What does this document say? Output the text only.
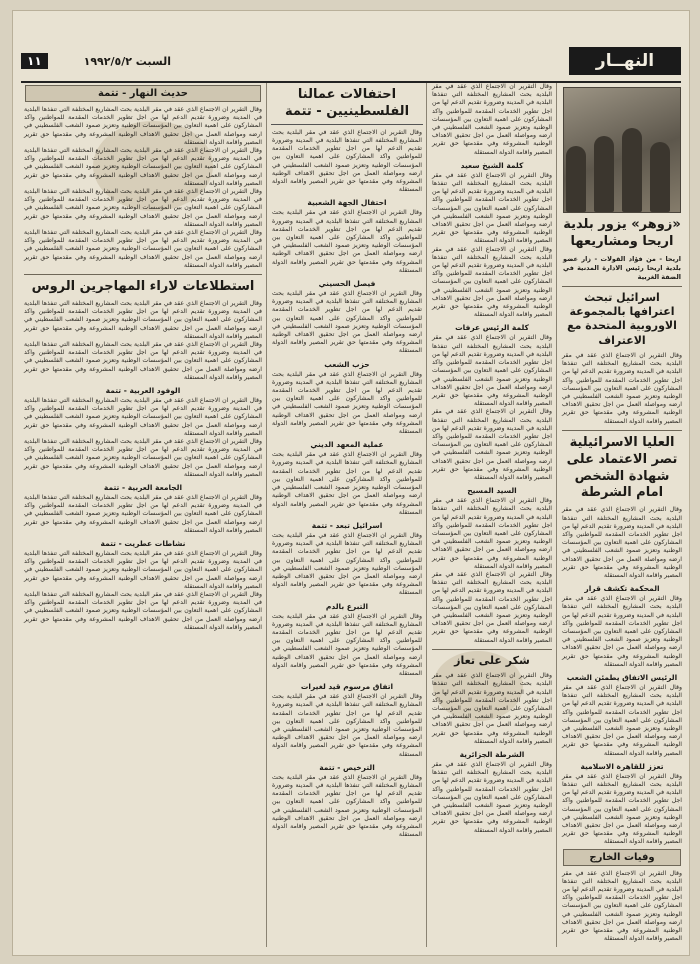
النهــار
السبت ١٩٩٢/٥/٢
١١
«زوهر» يزور بلدية اريحا ومشاريعها
اريحا - من فؤاد القولات - زار عضو بلدية اريحا رئيس الادارة المدنية في الضفة الغربية
اسرائيل تبحث اعترافها بالمجموعة الاوروبية المتحدة مع الاعتراف
وقال التقرير ان الاجتماع الذي عقد في مقر البلدية بحث المشاريع المختلفة التي تنفذها البلدية في المدينة وضرورة تقديم الدعم لها من اجل تطوير الخدمات المقدمة للمواطنين واكد المشاركون على اهمية التعاون بين المؤسسات الوطنية وتعزيز صمود الشعب الفلسطيني في ارضه ومواصلة العمل من اجل تحقيق الاهداف الوطنية المشروعة وفي مقدمتها حق تقرير المصير واقامة الدولة المستقلة
العليا الاسرائيلية تصر الاعتماد على شهادة الشخص امام الشرطة
وقال التقرير ان الاجتماع الذي عقد في مقر البلدية بحث المشاريع المختلفة التي تنفذها البلدية في المدينة وضرورة تقديم الدعم لها من اجل تطوير الخدمات المقدمة للمواطنين واكد المشاركون على اهمية التعاون بين المؤسسات الوطنية وتعزيز صمود الشعب الفلسطيني في ارضه ومواصلة العمل من اجل تحقيق الاهداف الوطنية المشروعة وفي مقدمتها حق تقرير المصير واقامة الدولة المستقلة
المحكمة تكشف قرار
وقال التقرير ان الاجتماع الذي عقد في مقر البلدية بحث المشاريع المختلفة التي تنفذها البلدية في المدينة وضرورة تقديم الدعم لها من اجل تطوير الخدمات المقدمة للمواطنين واكد المشاركون على اهمية التعاون بين المؤسسات الوطنية وتعزيز صمود الشعب الفلسطيني في ارضه ومواصلة العمل من اجل تحقيق الاهداف الوطنية المشروعة وفي مقدمتها حق تقرير المصير واقامة الدولة المستقلة
الرئيس الاتفاق يطمئن الشعب
وقال التقرير ان الاجتماع الذي عقد في مقر البلدية بحث المشاريع المختلفة التي تنفذها البلدية في المدينة وضرورة تقديم الدعم لها من اجل تطوير الخدمات المقدمة للمواطنين واكد المشاركون على اهمية التعاون بين المؤسسات الوطنية وتعزيز صمود الشعب الفلسطيني في ارضه ومواصلة العمل من اجل تحقيق الاهداف الوطنية المشروعة وفي مقدمتها حق تقرير المصير واقامة الدولة المستقلة
تعزز للقاهرة الاسلامية
وقال التقرير ان الاجتماع الذي عقد في مقر البلدية بحث المشاريع المختلفة التي تنفذها البلدية في المدينة وضرورة تقديم الدعم لها من اجل تطوير الخدمات المقدمة للمواطنين واكد المشاركون على اهمية التعاون بين المؤسسات الوطنية وتعزيز صمود الشعب الفلسطيني في ارضه ومواصلة العمل من اجل تحقيق الاهداف الوطنية المشروعة وفي مقدمتها حق تقرير المصير واقامة الدولة المستقلة
وفيات الخارج
وقال التقرير ان الاجتماع الذي عقد في مقر البلدية بحث المشاريع المختلفة التي تنفذها البلدية في المدينة وضرورة تقديم الدعم لها من اجل تطوير الخدمات المقدمة للمواطنين واكد المشاركون على اهمية التعاون بين المؤسسات الوطنية وتعزيز صمود الشعب الفلسطيني في ارضه ومواصلة العمل من اجل تحقيق الاهداف الوطنية المشروعة وفي مقدمتها حق تقرير المصير واقامة الدولة المستقلة
وقال التقرير ان الاجتماع الذي عقد في مقر البلدية بحث المشاريع المختلفة التي تنفذها البلدية في المدينة وضرورة تقديم الدعم لها من اجل تطوير الخدمات المقدمة للمواطنين واكد المشاركون على اهمية التعاون بين المؤسسات الوطنية وتعزيز صمود الشعب الفلسطيني في ارضه ومواصلة العمل من اجل تحقيق الاهداف الوطنية المشروعة وفي مقدمتها حق تقرير المصير واقامة الدولة المستقلة
كلمة الشيخ سعيد
وقال التقرير ان الاجتماع الذي عقد في مقر البلدية بحث المشاريع المختلفة التي تنفذها البلدية في المدينة وضرورة تقديم الدعم لها من اجل تطوير الخدمات المقدمة للمواطنين واكد المشاركون على اهمية التعاون بين المؤسسات الوطنية وتعزيز صمود الشعب الفلسطيني في ارضه ومواصلة العمل من اجل تحقيق الاهداف الوطنية المشروعة وفي مقدمتها حق تقرير المصير واقامة الدولة المستقلة
وقال التقرير ان الاجتماع الذي عقد في مقر البلدية بحث المشاريع المختلفة التي تنفذها البلدية في المدينة وضرورة تقديم الدعم لها من اجل تطوير الخدمات المقدمة للمواطنين واكد المشاركون على اهمية التعاون بين المؤسسات الوطنية وتعزيز صمود الشعب الفلسطيني في ارضه ومواصلة العمل من اجل تحقيق الاهداف الوطنية المشروعة وفي مقدمتها حق تقرير المصير واقامة الدولة المستقلة
كلمة الرئيس عرفات
وقال التقرير ان الاجتماع الذي عقد في مقر البلدية بحث المشاريع المختلفة التي تنفذها البلدية في المدينة وضرورة تقديم الدعم لها من اجل تطوير الخدمات المقدمة للمواطنين واكد المشاركون على اهمية التعاون بين المؤسسات الوطنية وتعزيز صمود الشعب الفلسطيني في ارضه ومواصلة العمل من اجل تحقيق الاهداف الوطنية المشروعة وفي مقدمتها حق تقرير المصير واقامة الدولة المستقلة
وقال التقرير ان الاجتماع الذي عقد في مقر البلدية بحث المشاريع المختلفة التي تنفذها البلدية في المدينة وضرورة تقديم الدعم لها من اجل تطوير الخدمات المقدمة للمواطنين واكد المشاركون على اهمية التعاون بين المؤسسات الوطنية وتعزيز صمود الشعب الفلسطيني في ارضه ومواصلة العمل من اجل تحقيق الاهداف الوطنية المشروعة وفي مقدمتها حق تقرير المصير واقامة الدولة المستقلة
السيد المسيح
وقال التقرير ان الاجتماع الذي عقد في مقر البلدية بحث المشاريع المختلفة التي تنفذها البلدية في المدينة وضرورة تقديم الدعم لها من اجل تطوير الخدمات المقدمة للمواطنين واكد المشاركون على اهمية التعاون بين المؤسسات الوطنية وتعزيز صمود الشعب الفلسطيني في ارضه ومواصلة العمل من اجل تحقيق الاهداف الوطنية المشروعة وفي مقدمتها حق تقرير المصير واقامة الدولة المستقلة
وقال التقرير ان الاجتماع الذي عقد في مقر البلدية بحث المشاريع المختلفة التي تنفذها البلدية في المدينة وضرورة تقديم الدعم لها من اجل تطوير الخدمات المقدمة للمواطنين واكد المشاركون على اهمية التعاون بين المؤسسات الوطنية وتعزيز صمود الشعب الفلسطيني في ارضه ومواصلة العمل من اجل تحقيق الاهداف الوطنية المشروعة وفي مقدمتها حق تقرير المصير واقامة الدولة المستقلة
شكر على تعاز
وقال التقرير ان الاجتماع الذي عقد في مقر البلدية بحث المشاريع المختلفة التي تنفذها البلدية في المدينة وضرورة تقديم الدعم لها من اجل تطوير الخدمات المقدمة للمواطنين واكد المشاركون على اهمية التعاون بين المؤسسات الوطنية وتعزيز صمود الشعب الفلسطيني في ارضه ومواصلة العمل من اجل تحقيق الاهداف الوطنية المشروعة وفي مقدمتها حق تقرير المصير واقامة الدولة المستقلة
الشرطة الجزائرية
وقال التقرير ان الاجتماع الذي عقد في مقر البلدية بحث المشاريع المختلفة التي تنفذها البلدية في المدينة وضرورة تقديم الدعم لها من اجل تطوير الخدمات المقدمة للمواطنين واكد المشاركون على اهمية التعاون بين المؤسسات الوطنية وتعزيز صمود الشعب الفلسطيني في ارضه ومواصلة العمل من اجل تحقيق الاهداف الوطنية المشروعة وفي مقدمتها حق تقرير المصير واقامة الدولة المستقلة
احتفالات عمالنا الفلسطينيين - تتمة
وقال التقرير ان الاجتماع الذي عقد في مقر البلدية بحث المشاريع المختلفة التي تنفذها البلدية في المدينة وضرورة تقديم الدعم لها من اجل تطوير الخدمات المقدمة للمواطنين واكد المشاركون على اهمية التعاون بين المؤسسات الوطنية وتعزيز صمود الشعب الفلسطيني في ارضه ومواصلة العمل من اجل تحقيق الاهداف الوطنية المشروعة وفي مقدمتها حق تقرير المصير واقامة الدولة المستقلة
احتفال الجهة الشعبية
وقال التقرير ان الاجتماع الذي عقد في مقر البلدية بحث المشاريع المختلفة التي تنفذها البلدية في المدينة وضرورة تقديم الدعم لها من اجل تطوير الخدمات المقدمة للمواطنين واكد المشاركون على اهمية التعاون بين المؤسسات الوطنية وتعزيز صمود الشعب الفلسطيني في ارضه ومواصلة العمل من اجل تحقيق الاهداف الوطنية المشروعة وفي مقدمتها حق تقرير المصير واقامة الدولة المستقلة
فيصل الحسيني
وقال التقرير ان الاجتماع الذي عقد في مقر البلدية بحث المشاريع المختلفة التي تنفذها البلدية في المدينة وضرورة تقديم الدعم لها من اجل تطوير الخدمات المقدمة للمواطنين واكد المشاركون على اهمية التعاون بين المؤسسات الوطنية وتعزيز صمود الشعب الفلسطيني في ارضه ومواصلة العمل من اجل تحقيق الاهداف الوطنية المشروعة وفي مقدمتها حق تقرير المصير واقامة الدولة المستقلة
حزب الشعب
وقال التقرير ان الاجتماع الذي عقد في مقر البلدية بحث المشاريع المختلفة التي تنفذها البلدية في المدينة وضرورة تقديم الدعم لها من اجل تطوير الخدمات المقدمة للمواطنين واكد المشاركون على اهمية التعاون بين المؤسسات الوطنية وتعزيز صمود الشعب الفلسطيني في ارضه ومواصلة العمل من اجل تحقيق الاهداف الوطنية المشروعة وفي مقدمتها حق تقرير المصير واقامة الدولة المستقلة
عملية المعهد الديني
وقال التقرير ان الاجتماع الذي عقد في مقر البلدية بحث المشاريع المختلفة التي تنفذها البلدية في المدينة وضرورة تقديم الدعم لها من اجل تطوير الخدمات المقدمة للمواطنين واكد المشاركون على اهمية التعاون بين المؤسسات الوطنية وتعزيز صمود الشعب الفلسطيني في ارضه ومواصلة العمل من اجل تحقيق الاهداف الوطنية المشروعة وفي مقدمتها حق تقرير المصير واقامة الدولة المستقلة
اسرائيل تبعد - تتمة
وقال التقرير ان الاجتماع الذي عقد في مقر البلدية بحث المشاريع المختلفة التي تنفذها البلدية في المدينة وضرورة تقديم الدعم لها من اجل تطوير الخدمات المقدمة للمواطنين واكد المشاركون على اهمية التعاون بين المؤسسات الوطنية وتعزيز صمود الشعب الفلسطيني في ارضه ومواصلة العمل من اجل تحقيق الاهداف الوطنية المشروعة وفي مقدمتها حق تقرير المصير واقامة الدولة المستقلة
التبرع بالدم
وقال التقرير ان الاجتماع الذي عقد في مقر البلدية بحث المشاريع المختلفة التي تنفذها البلدية في المدينة وضرورة تقديم الدعم لها من اجل تطوير الخدمات المقدمة للمواطنين واكد المشاركون على اهمية التعاون بين المؤسسات الوطنية وتعزيز صمود الشعب الفلسطيني في ارضه ومواصلة العمل من اجل تحقيق الاهداف الوطنية المشروعة وفي مقدمتها حق تقرير المصير واقامة الدولة المستقلة
اتفاق مرسوم قيد لغيرات
وقال التقرير ان الاجتماع الذي عقد في مقر البلدية بحث المشاريع المختلفة التي تنفذها البلدية في المدينة وضرورة تقديم الدعم لها من اجل تطوير الخدمات المقدمة للمواطنين واكد المشاركون على اهمية التعاون بين المؤسسات الوطنية وتعزيز صمود الشعب الفلسطيني في ارضه ومواصلة العمل من اجل تحقيق الاهداف الوطنية المشروعة وفي مقدمتها حق تقرير المصير واقامة الدولة المستقلة
الترخيص - تتمة
وقال التقرير ان الاجتماع الذي عقد في مقر البلدية بحث المشاريع المختلفة التي تنفذها البلدية في المدينة وضرورة تقديم الدعم لها من اجل تطوير الخدمات المقدمة للمواطنين واكد المشاركون على اهمية التعاون بين المؤسسات الوطنية وتعزيز صمود الشعب الفلسطيني في ارضه ومواصلة العمل من اجل تحقيق الاهداف الوطنية المشروعة وفي مقدمتها حق تقرير المصير واقامة الدولة المستقلة
حديث النهار - تتمة
وقال التقرير ان الاجتماع الذي عقد في مقر البلدية بحث المشاريع المختلفة التي تنفذها البلدية في المدينة وضرورة تقديم الدعم لها من اجل تطوير الخدمات المقدمة للمواطنين واكد المشاركون على اهمية التعاون بين المؤسسات الوطنية وتعزيز صمود الشعب الفلسطيني في ارضه ومواصلة العمل من اجل تحقيق الاهداف الوطنية المشروعة وفي مقدمتها حق تقرير المصير واقامة الدولة المستقلة
وقال التقرير ان الاجتماع الذي عقد في مقر البلدية بحث المشاريع المختلفة التي تنفذها البلدية في المدينة وضرورة تقديم الدعم لها من اجل تطوير الخدمات المقدمة للمواطنين واكد المشاركون على اهمية التعاون بين المؤسسات الوطنية وتعزيز صمود الشعب الفلسطيني في ارضه ومواصلة العمل من اجل تحقيق الاهداف الوطنية المشروعة وفي مقدمتها حق تقرير المصير واقامة الدولة المستقلة
وقال التقرير ان الاجتماع الذي عقد في مقر البلدية بحث المشاريع المختلفة التي تنفذها البلدية في المدينة وضرورة تقديم الدعم لها من اجل تطوير الخدمات المقدمة للمواطنين واكد المشاركون على اهمية التعاون بين المؤسسات الوطنية وتعزيز صمود الشعب الفلسطيني في ارضه ومواصلة العمل من اجل تحقيق الاهداف الوطنية المشروعة وفي مقدمتها حق تقرير المصير واقامة الدولة المستقلة
وقال التقرير ان الاجتماع الذي عقد في مقر البلدية بحث المشاريع المختلفة التي تنفذها البلدية في المدينة وضرورة تقديم الدعم لها من اجل تطوير الخدمات المقدمة للمواطنين واكد المشاركون على اهمية التعاون بين المؤسسات الوطنية وتعزيز صمود الشعب الفلسطيني في ارضه ومواصلة العمل من اجل تحقيق الاهداف الوطنية المشروعة وفي مقدمتها حق تقرير المصير واقامة الدولة المستقلة
استطلاعات لاراء المهاجرين الروس
وقال التقرير ان الاجتماع الذي عقد في مقر البلدية بحث المشاريع المختلفة التي تنفذها البلدية في المدينة وضرورة تقديم الدعم لها من اجل تطوير الخدمات المقدمة للمواطنين واكد المشاركون على اهمية التعاون بين المؤسسات الوطنية وتعزيز صمود الشعب الفلسطيني في ارضه ومواصلة العمل من اجل تحقيق الاهداف الوطنية المشروعة وفي مقدمتها حق تقرير المصير واقامة الدولة المستقلة
وقال التقرير ان الاجتماع الذي عقد في مقر البلدية بحث المشاريع المختلفة التي تنفذها البلدية في المدينة وضرورة تقديم الدعم لها من اجل تطوير الخدمات المقدمة للمواطنين واكد المشاركون على اهمية التعاون بين المؤسسات الوطنية وتعزيز صمود الشعب الفلسطيني في ارضه ومواصلة العمل من اجل تحقيق الاهداف الوطنية المشروعة وفي مقدمتها حق تقرير المصير واقامة الدولة المستقلة
الوفود العربية - تتمة
وقال التقرير ان الاجتماع الذي عقد في مقر البلدية بحث المشاريع المختلفة التي تنفذها البلدية في المدينة وضرورة تقديم الدعم لها من اجل تطوير الخدمات المقدمة للمواطنين واكد المشاركون على اهمية التعاون بين المؤسسات الوطنية وتعزيز صمود الشعب الفلسطيني في ارضه ومواصلة العمل من اجل تحقيق الاهداف الوطنية المشروعة وفي مقدمتها حق تقرير المصير واقامة الدولة المستقلة
وقال التقرير ان الاجتماع الذي عقد في مقر البلدية بحث المشاريع المختلفة التي تنفذها البلدية في المدينة وضرورة تقديم الدعم لها من اجل تطوير الخدمات المقدمة للمواطنين واكد المشاركون على اهمية التعاون بين المؤسسات الوطنية وتعزيز صمود الشعب الفلسطيني في ارضه ومواصلة العمل من اجل تحقيق الاهداف الوطنية المشروعة وفي مقدمتها حق تقرير المصير واقامة الدولة المستقلة
الجامعة العربية - تتمة
وقال التقرير ان الاجتماع الذي عقد في مقر البلدية بحث المشاريع المختلفة التي تنفذها البلدية في المدينة وضرورة تقديم الدعم لها من اجل تطوير الخدمات المقدمة للمواطنين واكد المشاركون على اهمية التعاون بين المؤسسات الوطنية وتعزيز صمود الشعب الفلسطيني في ارضه ومواصلة العمل من اجل تحقيق الاهداف الوطنية المشروعة وفي مقدمتها حق تقرير المصير واقامة الدولة المستقلة
نشاطات عطريت - تتمة
وقال التقرير ان الاجتماع الذي عقد في مقر البلدية بحث المشاريع المختلفة التي تنفذها البلدية في المدينة وضرورة تقديم الدعم لها من اجل تطوير الخدمات المقدمة للمواطنين واكد المشاركون على اهمية التعاون بين المؤسسات الوطنية وتعزيز صمود الشعب الفلسطيني في ارضه ومواصلة العمل من اجل تحقيق الاهداف الوطنية المشروعة وفي مقدمتها حق تقرير المصير واقامة الدولة المستقلة
وقال التقرير ان الاجتماع الذي عقد في مقر البلدية بحث المشاريع المختلفة التي تنفذها البلدية في المدينة وضرورة تقديم الدعم لها من اجل تطوير الخدمات المقدمة للمواطنين واكد المشاركون على اهمية التعاون بين المؤسسات الوطنية وتعزيز صمود الشعب الفلسطيني في ارضه ومواصلة العمل من اجل تحقيق الاهداف الوطنية المشروعة وفي مقدمتها حق تقرير المصير واقامة الدولة المستقلة
